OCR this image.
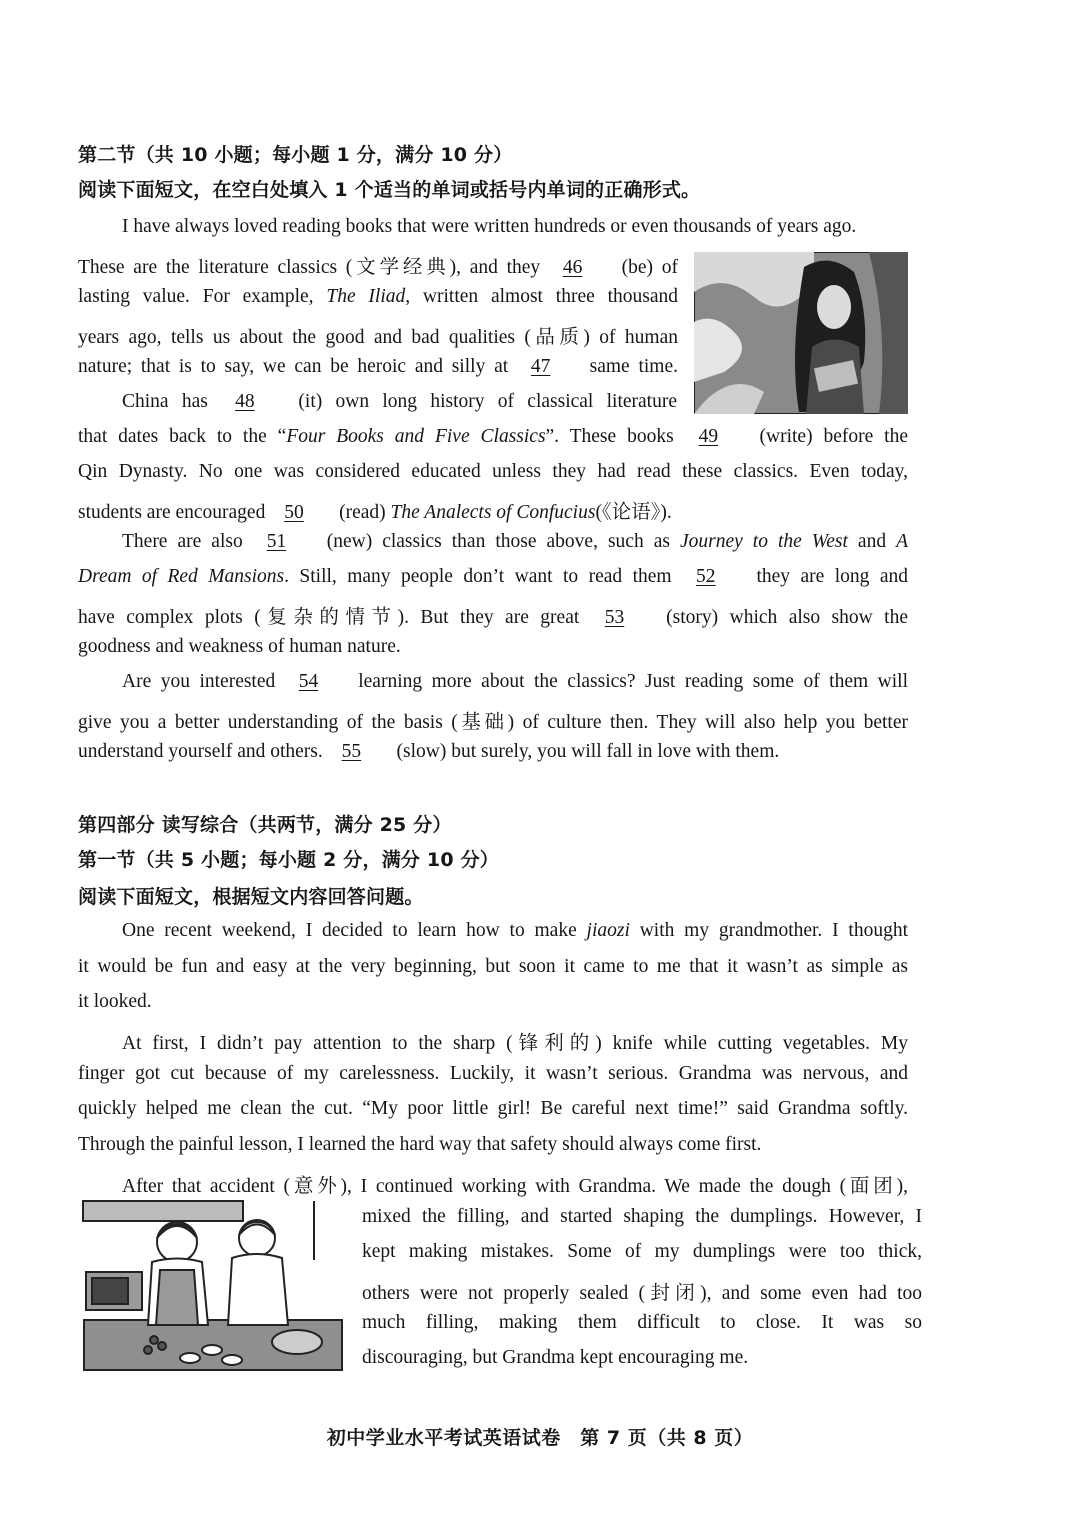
第二节（共 10 小题；每小题 1 分，满分 10 分）
阅读下面短文，在空白处填入 1 个适当的单词或括号内单词的正确形式。
I have always loved reading books that were written hundreds or even thousands of years ago.
These are the literature classics (文学经典), and they 46 (be) of
lasting value. For example, The Iliad, written almost three thousand
years ago, tells us about the good and bad qualities (品质) of human
nature; that is to say, we can be heroic and silly at 47 same time.
China has 48 (it) own long history of classical literature
that dates back to the “Four Books and Five Classics”. These books 49 (write) before the
Qin Dynasty. No one was considered educated unless they had read these classics. Even today,
students are encouraged 50 (read) The Analects of Confucius(《论语》).
There are also 51 (new) classics than those above, such as Journey to the West and A
Dream of Red Mansions. Still, many people don’t want to read them 52 they are long and
have complex plots (复杂的情节). But they are great 53 (story) which also show the
goodness and weakness of human nature.
Are you interested 54 learning more about the classics? Just reading some of them will
give you a better understanding of the basis (基础) of culture then. They will also help you better
understand yourself and others. 55 (slow) but surely, you will fall in love with them.
第四部分 读写综合（共两节，满分 25 分）
第一节（共 5 小题；每小题 2 分，满分 10 分）
阅读下面短文，根据短文内容回答问题。
One recent weekend, I decided to learn how to make jiaozi with my grandmother. I thought
it would be fun and easy at the very beginning, but soon it came to me that it wasn’t as simple as
it looked.
At first, I didn’t pay attention to the sharp (锋利的) knife while cutting vegetables. My
finger got cut because of my carelessness. Luckily, it wasn’t serious. Grandma was nervous, and
quickly helped me clean the cut. “My poor little girl! Be careful next time!” said Grandma softly.
Through the painful lesson, I learned the hard way that safety should always come first.
After that accident (意外), I continued working with Grandma. We made the dough (面团),
mixed the filling, and started shaping the dumplings. However, I
kept making mistakes. Some of my dumplings were too thick,
others were not properly sealed (封闭), and some even had too
much filling, making them difficult to close. It was so
discouraging, but Grandma kept encouraging me.
初中学业水平考试英语试卷　第 7 页（共 8 页）
